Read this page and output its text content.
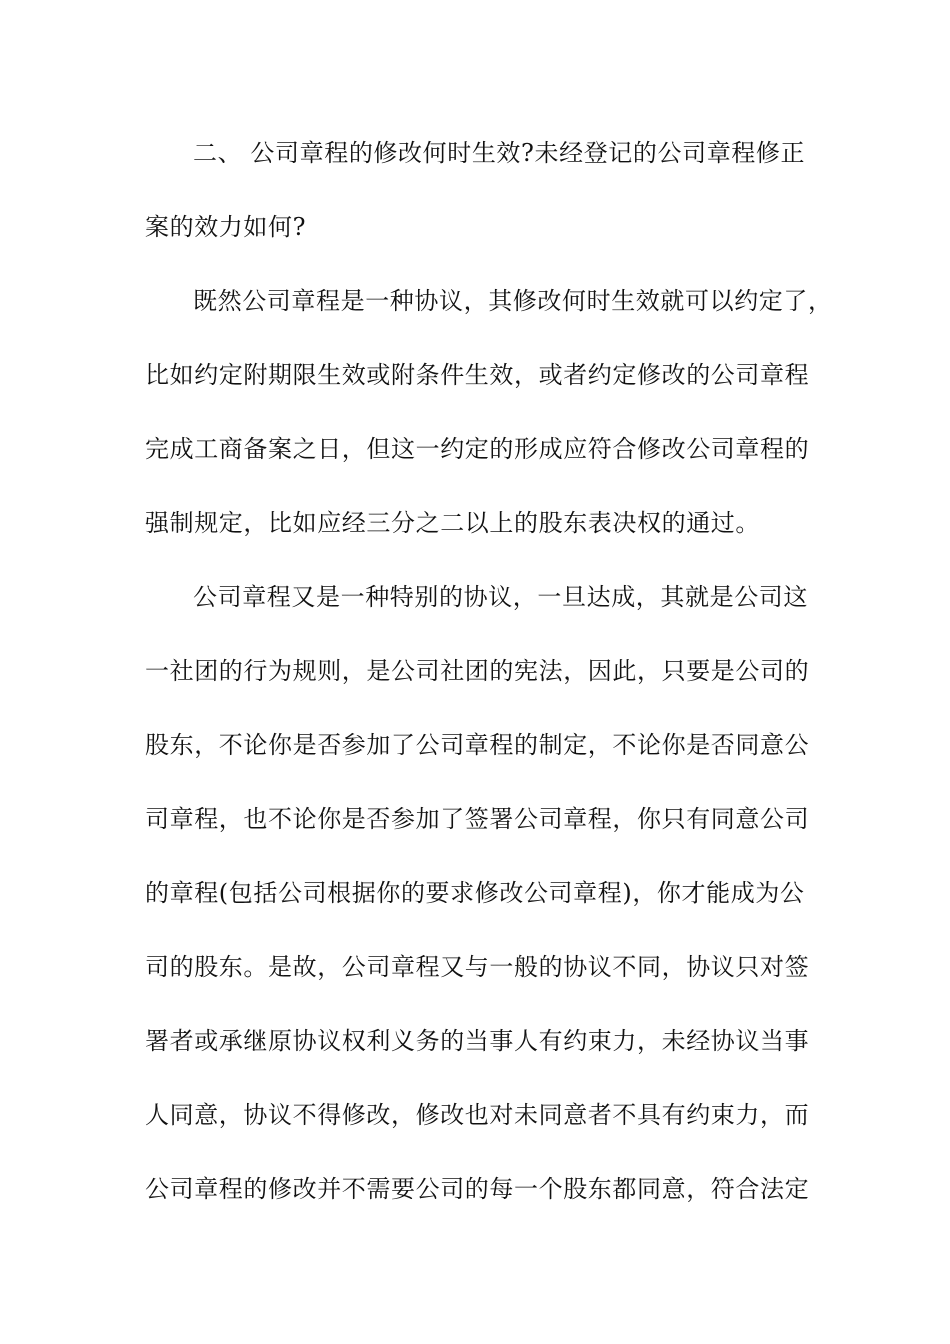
二、 公司章程的修改何时生效?未经登记的公司章程修正
案的效力如何?
既然公司章程是一种协议，其修改何时生效就可以约定了，
比如约定附期限生效或附条件生效，或者约定修改的公司章程
完成工商备案之日，但这一约定的形成应符合修改公司章程的
强制规定，比如应经三分之二以上的股东表决权的通过。
公司章程又是一种特别的协议，一旦达成，其就是公司这
一社团的行为规则，是公司社团的宪法，因此，只要是公司的
股东，不论你是否参加了公司章程的制定，不论你是否同意公
司章程，也不论你是否参加了签署公司章程，你只有同意公司
的章程(包括公司根据你的要求修改公司章程)，你才能成为公
司的股东。是故，公司章程又与一般的协议不同，协议只对签
署者或承继原协议权利义务的当事人有约束力，未经协议当事
人同意，协议不得修改，修改也对未同意者不具有约束力，而
公司章程的修改并不需要公司的每一个股东都同意，符合法定
